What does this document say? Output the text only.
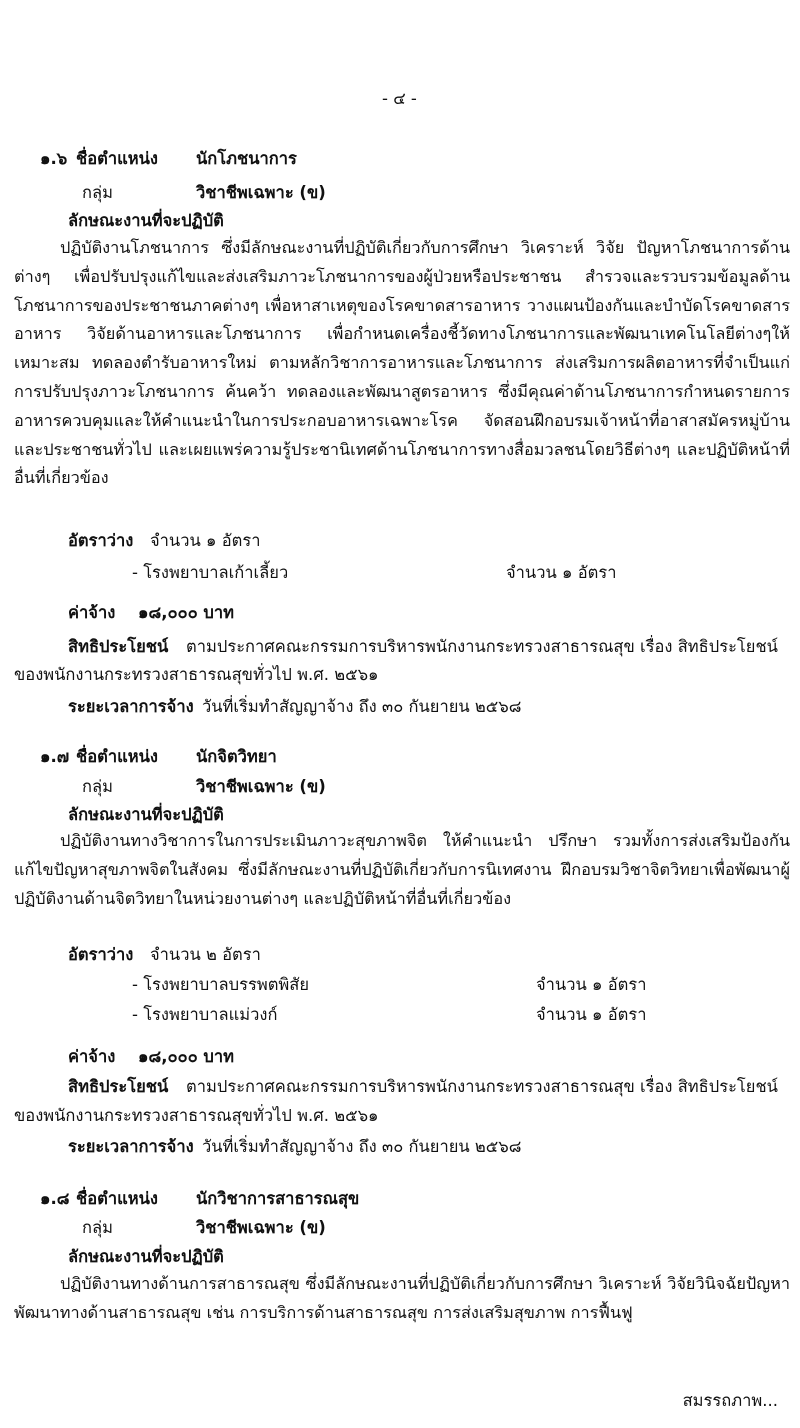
- ๔ -
๑.๖ ชื่อตำแหน่ง นักโภชนาการ
กลุ่ม	วิชาชีพเฉพาะ (ข)
ลักษณะงานที่จะปฏิบัติ
ปฏิบัติงานโภชนาการ ซึ่งมีลักษณะงานที่ปฏิบัติเกี่ยวกับการศึกษา วิเคราะห์ วิจัย ปัญหาโภชนาการด้านต่างๆ เพื่อปรับปรุงแก้ไขและส่งเสริมภาวะโภชนาการของผู้ป่วยหรือประชาชน สำรวจและรวบรวมข้อมูลด้านโภชนาการของประชาชนภาคต่างๆ เพื่อหาสาเหตุของโรคขาดสารอาหาร วางแผนป้องกันและบำบัดโรคขาดสารอาหาร วิจัยด้านอาหารและโภชนาการ เพื่อกำหนดเครื่องชี้วัดทางโภชนาการและพัฒนาเทคโนโลยีต่างๆให้เหมาะสม ทดลองตำรับอาหารใหม่ ตามหลักวิชาการอาหารและโภชนาการ ส่งเสริมการผลิตอาหารที่จำเป็นแก่การปรับปรุงภาวะโภชนาการ ค้นคว้า ทดลองและพัฒนาสูตรอาหาร ซึ่งมีคุณค่าด้านโภชนาการกำหนดรายการอาหารควบคุมและให้คำแนะนำในการประกอบอาหารเฉพาะโรค จัดสอนฝึกอบรมเจ้าหน้าที่อาสาสมัครหมู่บ้านและประชาชนทั่วไป และเผยแพร่ความรู้ประชานิเทศด้านโภชนาการทางสื่อมวลชนโดยวิธีต่างๆ และปฏิบัติหน้าที่อื่นที่เกี่ยวข้อง
อัตราว่าง จำนวน ๑ อัตรา
- โรงพยาบาลเก้าเลี้ยว	จำนวน ๑ อัตรา
ค่าจ้าง ๑๘,๐๐๐ บาท
สิทธิประโยชน์ ตามประกาศคณะกรรมการบริหารพนักงานกระทรวงสาธารณสุข เรื่อง สิทธิประโยชน์
ของพนักงานกระทรวงสาธารณสุขทั่วไป พ.ศ. ๒๕๖๑
ระยะเวลาการจ้าง วันที่เริ่มทำสัญญาจ้าง ถึง ๓๐ กันยายน ๒๕๖๘
๑.๗ ชื่อตำแหน่ง นักจิตวิทยา
กลุ่ม	วิชาชีพเฉพาะ (ข)
ลักษณะงานที่จะปฏิบัติ
ปฏิบัติงานทางวิชาการในการประเมินภาวะสุขภาพจิต ให้คำแนะนำ ปรึกษา รวมทั้งการส่งเสริมป้องกัน แก้ไขปัญหาสุขภาพจิตในสังคม ซึ่งมีลักษณะงานที่ปฏิบัติเกี่ยวกับการนิเทศงาน ฝึกอบรมวิชาจิตวิทยาเพื่อพัฒนาผู้ปฏิบัติงานด้านจิตวิทยาในหน่วยงานต่างๆ และปฏิบัติหน้าที่อื่นที่เกี่ยวข้อง
อัตราว่าง จำนวน ๒ อัตรา
- โรงพยาบาลบรรพตพิสัย	จำนวน ๑ อัตรา
- โรงพยาบาลแม่วงก์	จำนวน ๑ อัตรา
ค่าจ้าง ๑๘,๐๐๐ บาท
สิทธิประโยชน์ ตามประกาศคณะกรรมการบริหารพนักงานกระทรวงสาธารณสุข เรื่อง สิทธิประโยชน์
ของพนักงานกระทรวงสาธารณสุขทั่วไป พ.ศ. ๒๕๖๑
ระยะเวลาการจ้าง วันที่เริ่มทำสัญญาจ้าง ถึง ๓๐ กันยายน ๒๕๖๘
๑.๘ ชื่อตำแหน่ง นักวิชาการสาธารณสุข
กลุ่ม	วิชาชีพเฉพาะ (ข)
ลักษณะงานที่จะปฏิบัติ
ปฏิบัติงานทางด้านการสาธารณสุข ซึ่งมีลักษณะงานที่ปฏิบัติเกี่ยวกับการศึกษา วิเคราะห์ วิจัยวินิจฉัยปัญหาพัฒนาทางด้านสาธารณสุข เช่น การบริการด้านสาธารณสุข การส่งเสริมสุขภาพ การฟื้นฟู
สมรรถภาพ...
